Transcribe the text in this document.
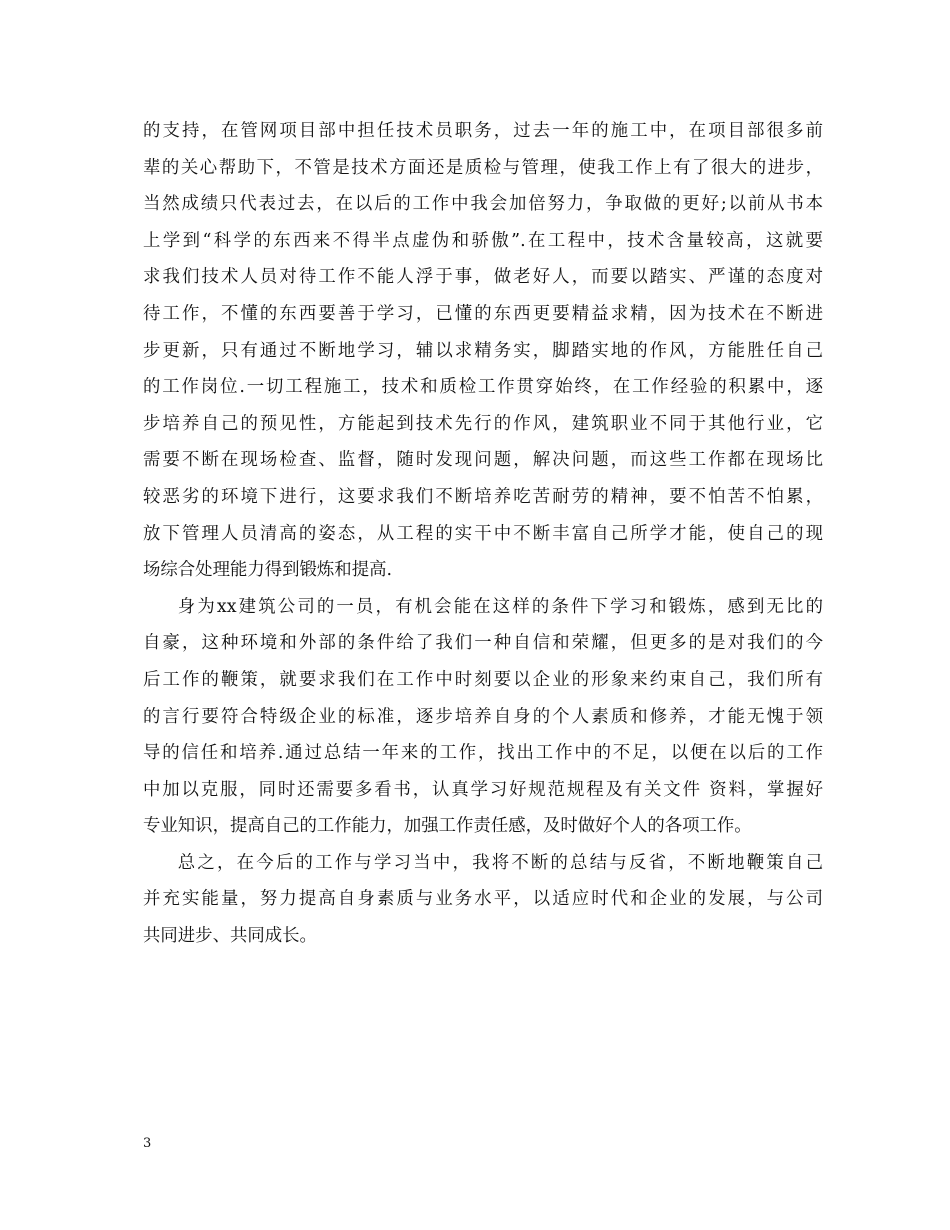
的支持，在管网项目部中担任技术员职务，过去一年的施工中，在项目部很多前
辈的关心帮助下，不管是技术方面还是质检与管理，使我工作上有了很大的进步，
当然成绩只代表过去，在以后的工作中我会加倍努力，争取做的更好;以前从书本
上学到“科学的东西来不得半点虚伪和骄傲”.在工程中，技术含量较高，这就要
求我们技术人员对待工作不能人浮于事，做老好人，而要以踏实、严谨的态度对
待工作，不懂的东西要善于学习，已懂的东西更要精益求精，因为技术在不断进
步更新，只有通过不断地学习，辅以求精务实，脚踏实地的作风，方能胜任自己
的工作岗位.一切工程施工，技术和质检工作贯穿始终，在工作经验的积累中，逐
步培养自己的预见性，方能起到技术先行的作风，建筑职业不同于其他行业，它
需要不断在现场检查、监督，随时发现问题，解决问题，而这些工作都在现场比
较恶劣的环境下进行，这要求我们不断培养吃苦耐劳的精神，要不怕苦不怕累，
放下管理人员清高的姿态，从工程的实干中不断丰富自己所学才能，使自己的现
场综合处理能力得到锻炼和提高.
身为xx建筑公司的一员，有机会能在这样的条件下学习和锻炼，感到无比的
自豪，这种环境和外部的条件给了我们一种自信和荣耀，但更多的是对我们的今
后工作的鞭策，就要求我们在工作中时刻要以企业的形象来约束自己，我们所有
的言行要符合特级企业的标准，逐步培养自身的个人素质和修养，才能无愧于领
导的信任和培养.通过总结一年来的工作，找出工作中的不足，以便在以后的工作
中加以克服，同时还需要多看书，认真学习好规范规程及有关文件 资料，掌握好
专业知识，提高自己的工作能力，加强工作责任感，及时做好个人的各项工作。
总之，在今后的工作与学习当中，我将不断的总结与反省，不断地鞭策自己
并充实能量，努力提高自身素质与业务水平，以适应时代和企业的发展，与公司
共同进步、共同成长。
3
